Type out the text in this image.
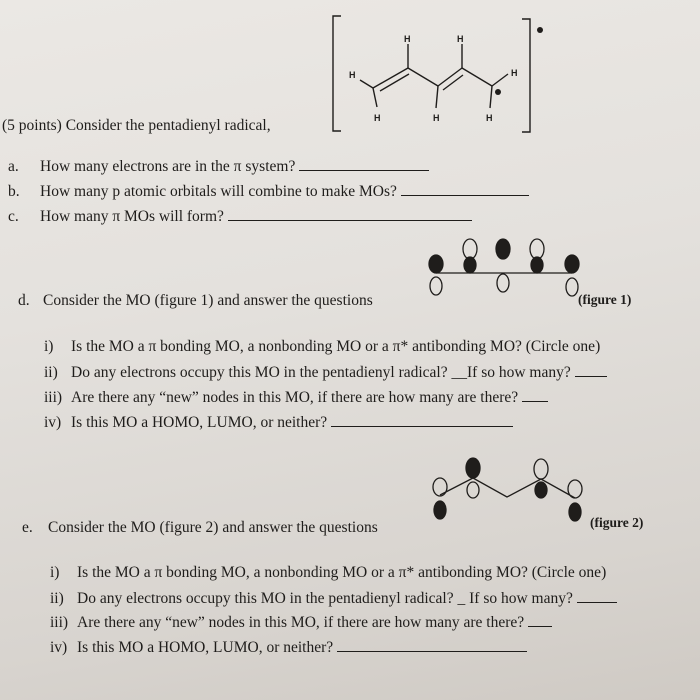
H	H
H	H
H	H	H
(5 points) Consider the pentadienyl radical,
a. How many electrons are in the π system?
b. How many p atomic orbitals will combine to make MOs?
c. How many π MOs will form?
d. Consider the MO (figure 1) and answer the questions	(figure 1)
i) Is the MO a π bonding MO, a nonbonding MO or a π* antibonding MO? (Circle one)
ii) Do any electrons occupy this MO in the pentadienyl radical? __If so how many?
iii) Are there any “new” nodes in this MO, if there are how many are there?
iv) Is this MO a HOMO, LUMO, or neither?
e. Consider the MO (figure 2) and answer the questions	(figure 2)
i) Is the MO a π bonding MO, a nonbonding MO or a π* antibonding MO? (Circle one)
ii) Do any electrons occupy this MO in the pentadienyl radical? _ If so how many?
iii) Are there any “new” nodes in this MO, if there are how many are there?
iv) Is this MO a HOMO, LUMO, or neither?
